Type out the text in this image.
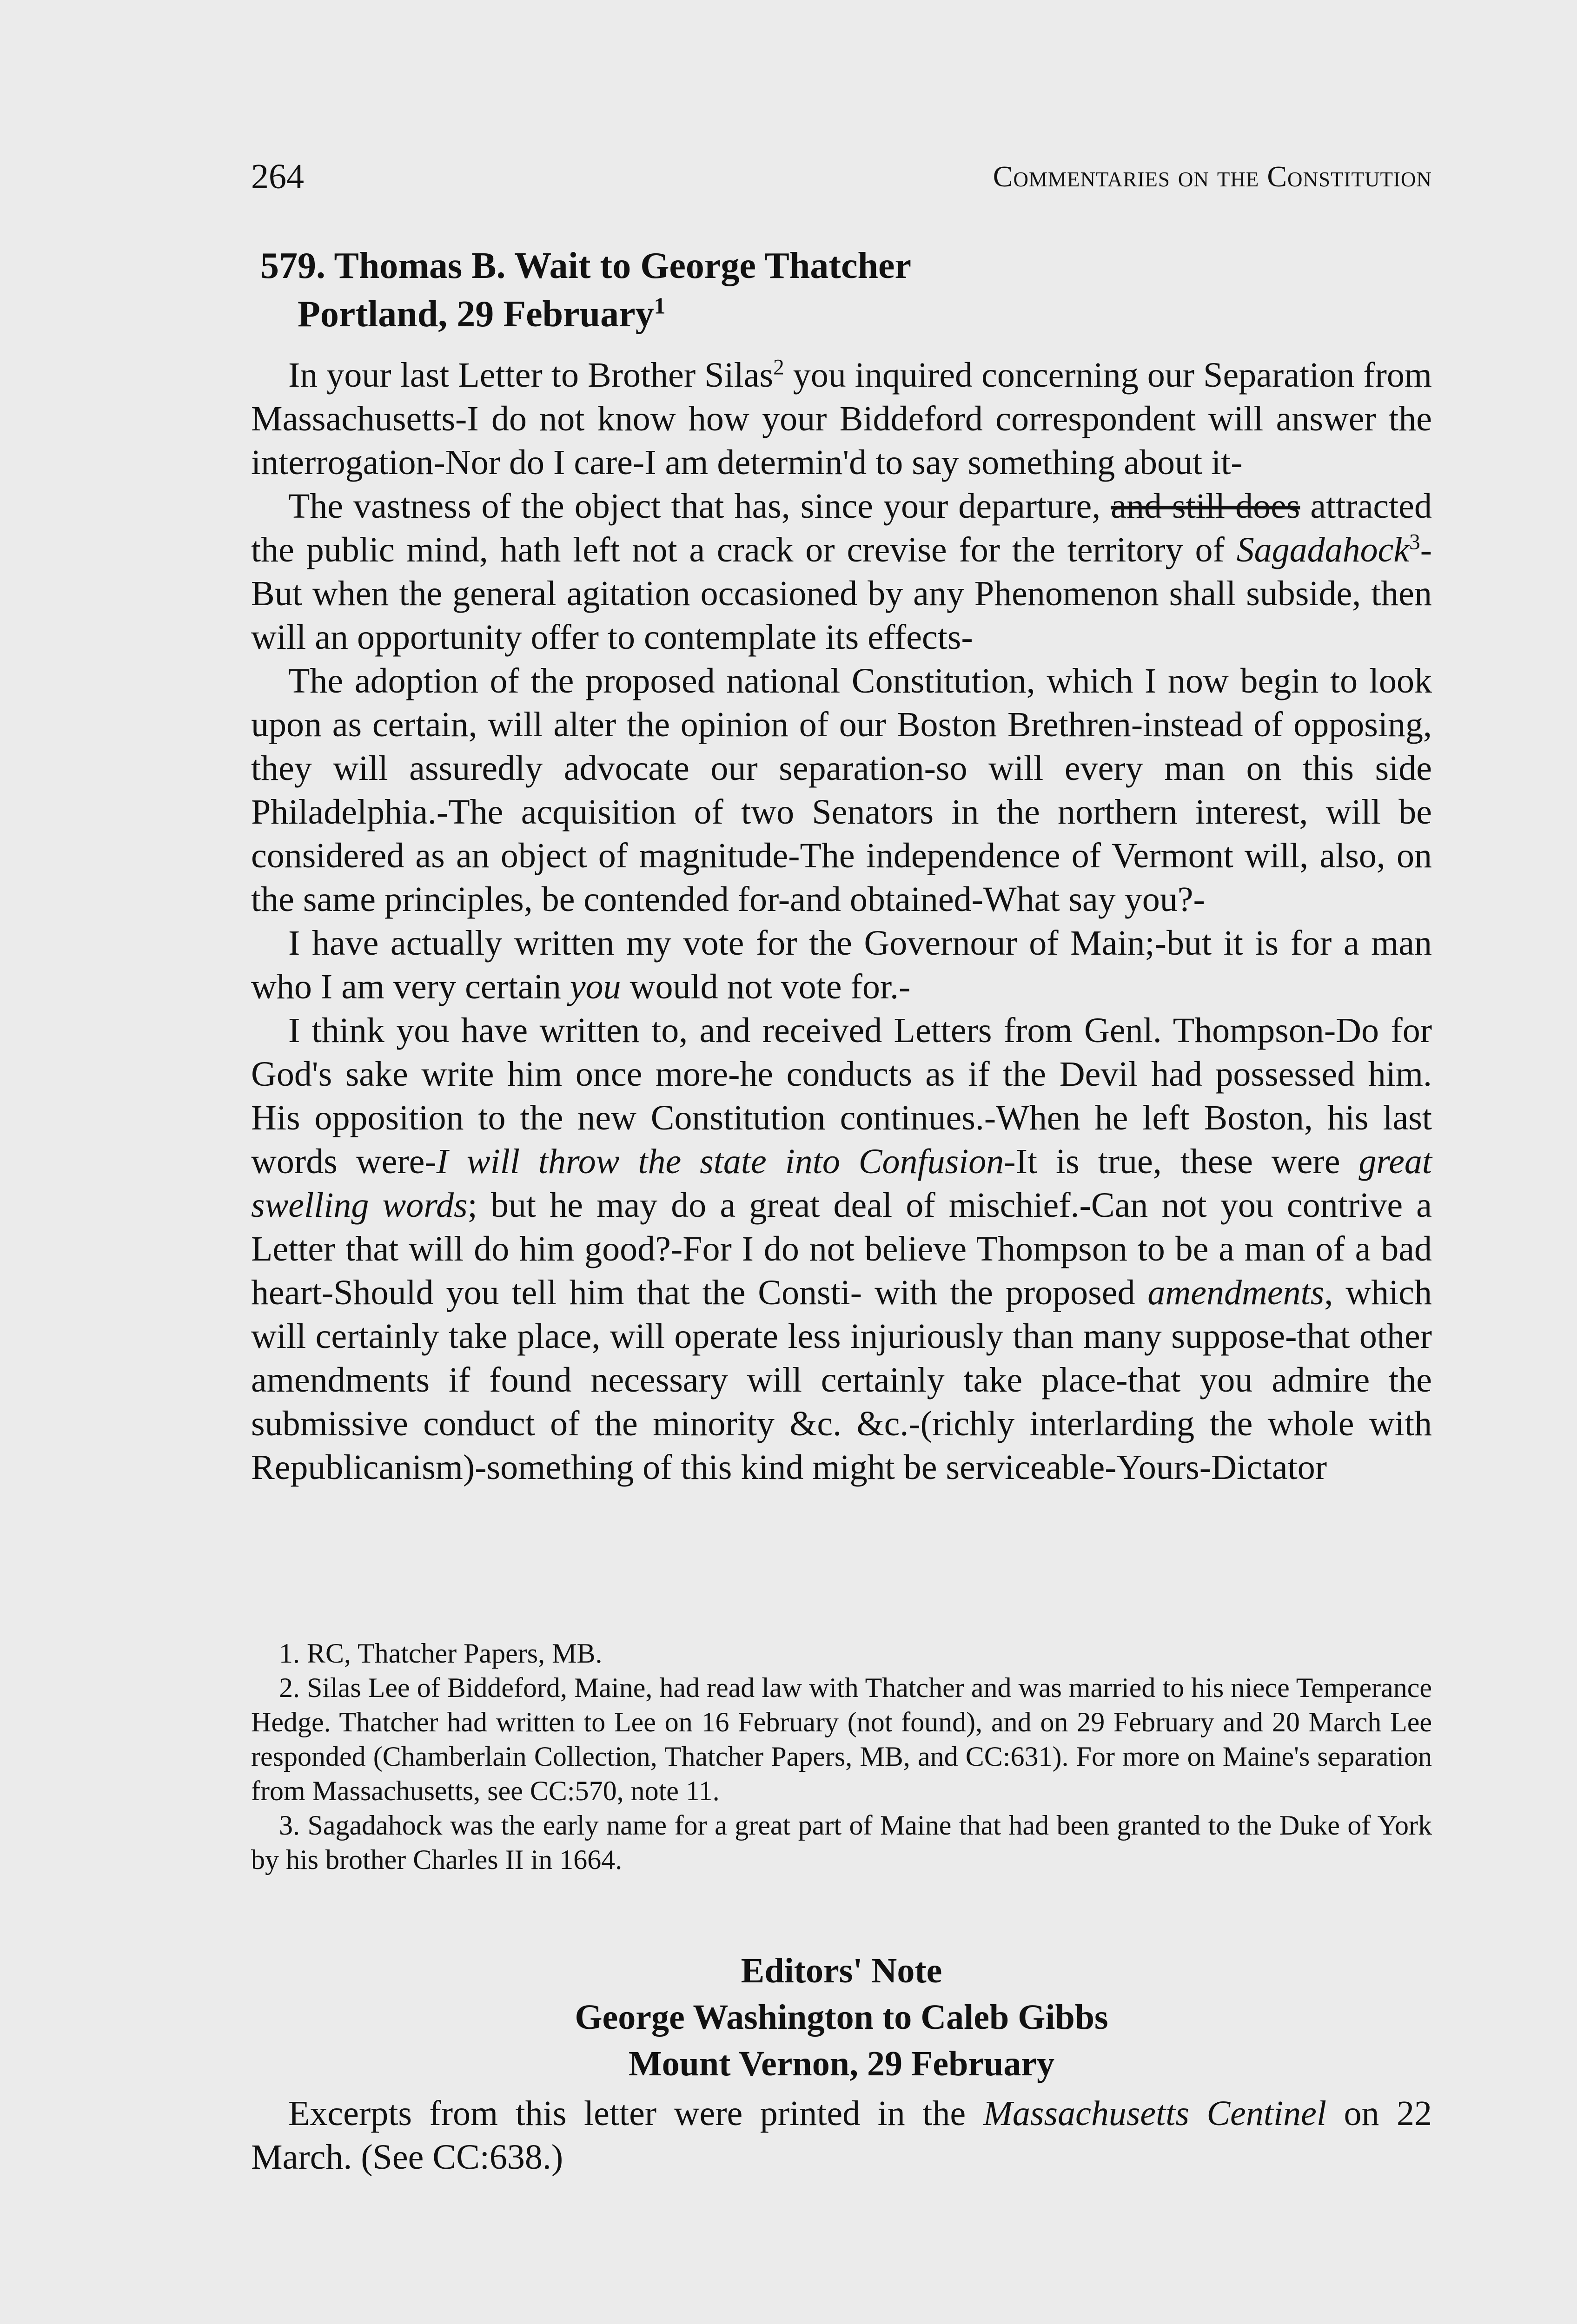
264	Commentaries on the Constitution
579. Thomas B. Wait to George Thatcher
Portland, 29 February$^1$

In your last Letter to Brother Silas$^2$ you inquired concerning our Separation from Massachusetts-I do not know how your Biddeford correspondent will answer the interrogation-Nor do I care-I am determin'd to say something about it-

The vastness of the object that has, since your departure, and still does attracted the public mind, hath left not a crack or crevise for the territory of Sagadahock$^3$-But when the general agitation occasioned by any Phenomenon shall subside, then will an opportunity offer to contemplate its effects-

The adoption of the proposed national Constitution, which I now begin to look upon as certain, will alter the opinion of our Boston Brethren-instead of opposing, they will assuredly advocate our separation-so will every man on this side Philadelphia.-The acquisition of two Senators in the northern interest, will be considered as an object of magnitude-The independence of Vermont will, also, on the same principles, be contended for-and obtained-What say you?-

I have actually written my vote for the Governour of Main;-but it is for a man who I am very certain you would not vote for.-

I think you have written to, and received Letters from Genl. Thompson-Do for God's sake write him once more-he conducts as if the Devil had possessed him. His opposition to the new Constitution continues.-When he left Boston, his last words were-I will throw the state into Confusion-It is true, these were great swelling words; but he may do a great deal of mischief.-Can not you contrive a Letter that will do him good?-For I do not believe Thompson to be a man of a bad heart-Should you tell him that the Consti- with the proposed amendments, which will certainly take place, will operate less injuriously than many suppose-that other amendments if found necessary will certainly take place-that you admire the submissive conduct of the minority &c. &c.-(richly interlarding the whole with Republicanism)-something of this kind might be serviceable-Yours-Dictator

1. RC, Thatcher Papers, MB.

2. Silas Lee of Biddeford, Maine, had read law with Thatcher and was married to his niece Temperance Hedge. Thatcher had written to Lee on 16 February (not found), and on 29 February and 20 March Lee responded (Chamberlain Collection, Thatcher Papers, MB, and CC:631). For more on Maine's separation from Massachusetts, see CC:570, note 11.

3. Sagadahock was the early name for a great part of Maine that had been granted to the Duke of York by his brother Charles II in 1664.

Editors' Note
George Washington to Caleb Gibbs
Mount Vernon, 29 February

Excerpts from this letter were printed in the Massachusetts Centinel on 22 March. (See CC:638.)
